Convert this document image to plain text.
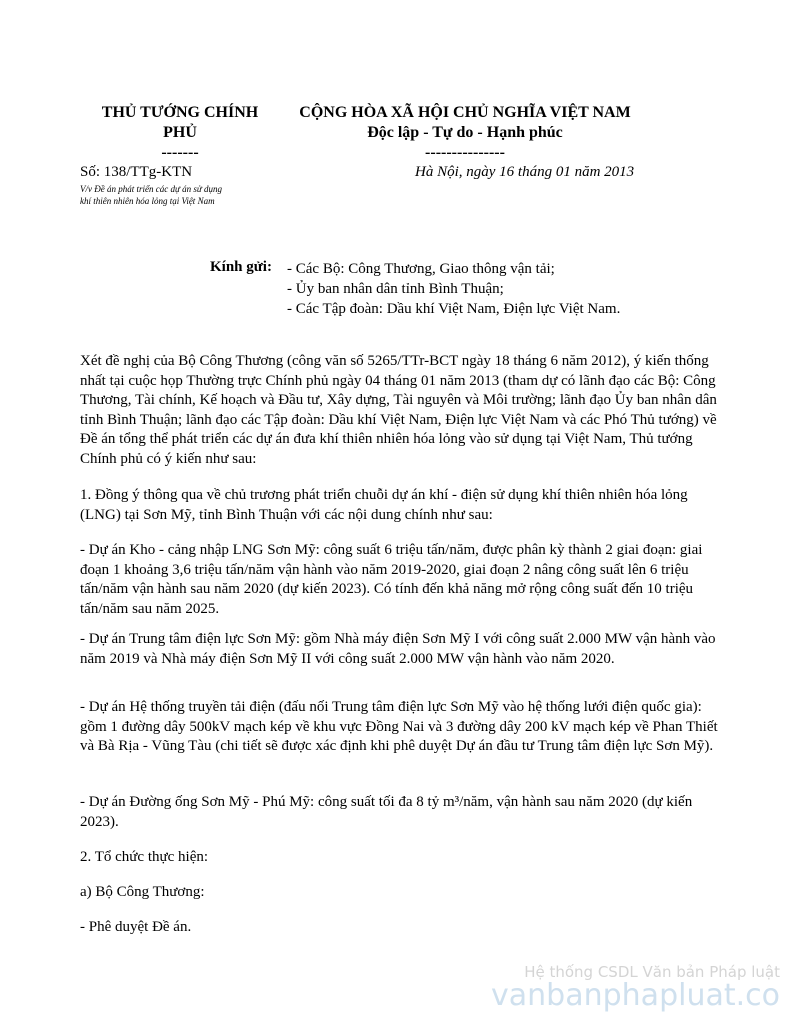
THỦ TƯỚNG CHÍNH
PHỦ
-------
CỘNG HÒA XÃ HỘI CHỦ NGHĨA VIỆT NAM
Độc lập - Tự do - Hạnh phúc
---------------
Số: 138/TTg-KTN
V/v Đề án phát triển các dự án sử dụng
khí thiên nhiên hóa lỏng tại Việt Nam
Hà Nội, ngày 16 tháng 01 năm 2013
Kính gửi: - Các Bộ: Công Thương, Giao thông vận tải;
- Ủy ban nhân dân tỉnh Bình Thuận;
- Các Tập đoàn: Dầu khí Việt Nam, Điện lực Việt Nam.
Xét đề nghị của Bộ Công Thương (công văn số 5265/TTr-BCT ngày 18 tháng 6 năm 2012), ý kiến thống nhất tại cuộc họp Thường trực Chính phủ ngày 04 tháng 01 năm 2013 (tham dự có lãnh đạo các Bộ: Công Thương, Tài chính, Kế hoạch và Đầu tư, Xây dựng, Tài nguyên và Môi trường; lãnh đạo Ủy ban nhân dân tỉnh Bình Thuận; lãnh đạo các Tập đoàn: Dầu khí Việt Nam, Điện lực Việt Nam và các Phó Thủ tướng) về Đề án tổng thể phát triển các dự án đưa khí thiên nhiên hóa lỏng vào sử dụng tại Việt Nam, Thủ tướng Chính phủ có ý kiến như sau:
1. Đồng ý thông qua về chủ trương phát triển chuỗi dự án khí - điện sử dụng khí thiên nhiên hóa lỏng (LNG) tại Sơn Mỹ, tỉnh Bình Thuận với các nội dung chính như sau:
- Dự án Kho - cảng nhập LNG Sơn Mỹ: công suất 6 triệu tấn/năm, được phân kỳ thành 2 giai đoạn: giai đoạn 1 khoảng 3,6 triệu tấn/năm vận hành vào năm 2019-2020, giai đoạn 2 nâng công suất lên 6 triệu tấn/năm vận hành sau năm 2020 (dự kiến 2023). Có tính đến khả năng mở rộng công suất đến 10 triệu tấn/năm sau năm 2025.
- Dự án Trung tâm điện lực Sơn Mỹ: gồm Nhà máy điện Sơn Mỹ I với công suất 2.000 MW vận hành vào năm 2019 và Nhà máy điện Sơn Mỹ II với công suất 2.000 MW vận hành vào năm 2020.
- Dự án Hệ thống truyền tải điện (đấu nối Trung tâm điện lực Sơn Mỹ vào hệ thống lưới điện quốc gia): gồm 1 đường dây 500kV mạch kép về khu vực Đồng Nai và 3 đường dây 200 kV mạch kép về Phan Thiết và Bà Rịa - Vũng Tàu (chi tiết sẽ được xác định khi phê duyệt Dự án đầu tư Trung tâm điện lực Sơn Mỹ).
- Dự án Đường ống Sơn Mỹ - Phú Mỹ: công suất tối đa 8 tỷ m³/năm, vận hành sau năm 2020 (dự kiến 2023).
2. Tổ chức thực hiện:
a) Bộ Công Thương:
- Phê duyệt Đề án.
Hệ thống CSDL Văn bản Pháp luật
vanbanphapluat.co
